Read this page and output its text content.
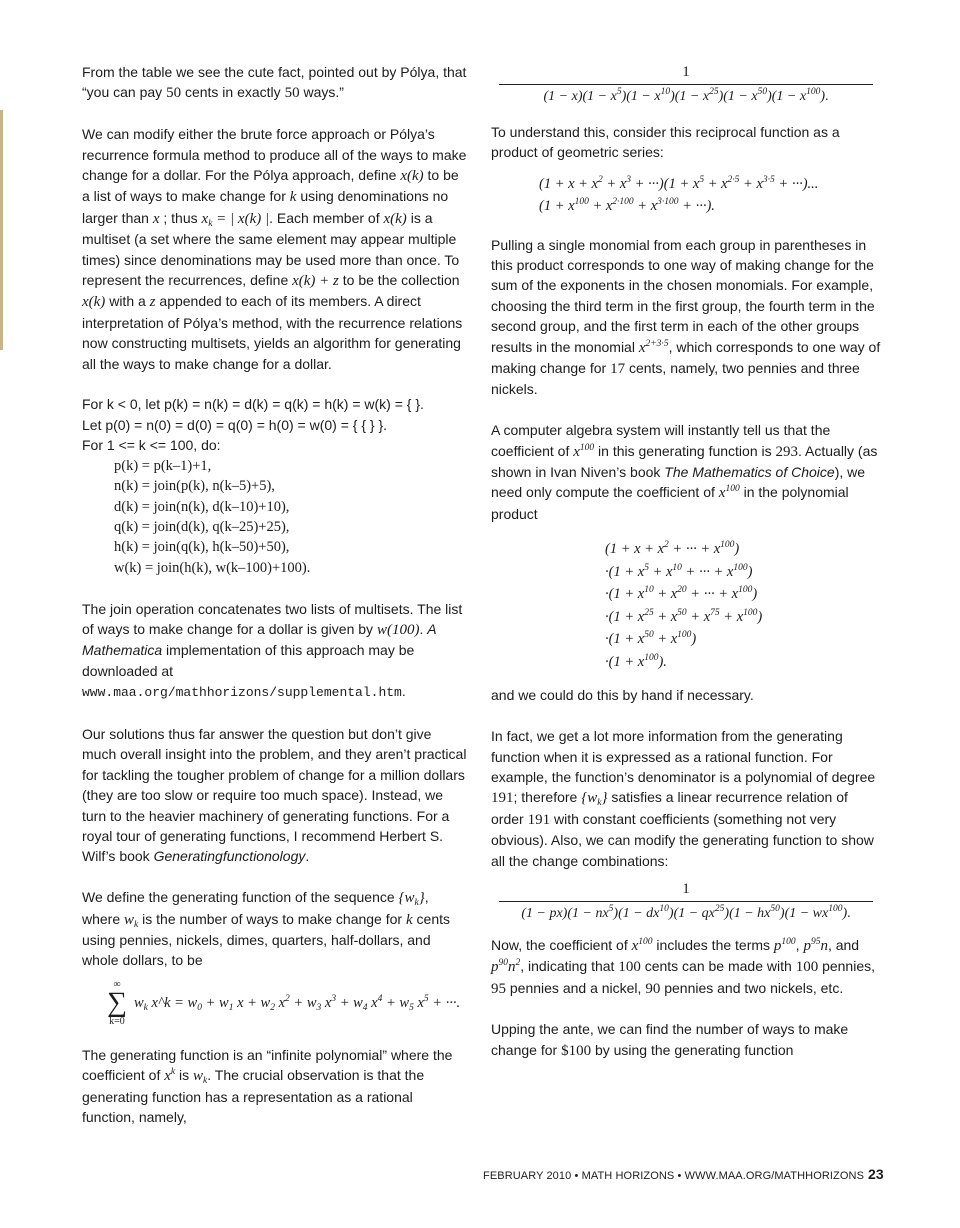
From the table we see the cute fact, pointed out by Pólya, that “you can pay 50 cents in exactly 50 ways.”

We can modify either the brute force approach or Pólya’s recurrence formula method to produce all of the ways to make change for a dollar. For the Pólya approach, define x(k) to be a list of ways to make change for k using denominations no larger than x ; thus $x_k$ = | x(k) |. Each member of x(k) is a multiset (a set where the same element may appear multiple times) since denominations may be used more than once. To represent the recurrences, define x(k) + z to be the collection x(k) with a z appended to each of its members. A direct interpretation of Pólya’s method, with the recurrence relations now constructing multisets, yields an algorithm for generating all the ways to make change for a dollar.

For k < 0, let p(k) = n(k) = d(k) = q(k) = h(k) = w(k) = { }.
Let p(0) = n(0) = d(0) = q(0) = h(0) = w(0) = { { } }.
For 1 <= k <= 100, do:
p(k) = p(k–1)+1,
n(k) = join(p(k), n(k–5)+5),
d(k) = join(n(k), d(k–10)+10),
q(k) = join(d(k), q(k–25)+25),
h(k) = join(q(k), h(k–50)+50),
w(k) = join(h(k), w(k–100)+100).

The join operation concatenates two lists of multisets. The list of ways to make change for a dollar is given by w(100). A Mathematica implementation of this approach may be downloaded at www.maa.org/mathhorizons/supplemental.htm.

Our solutions thus far answer the question but don’t give much overall insight into the problem, and they aren’t practical for tackling the tougher problem of change for a million dollars (they are too slow or require too much space). Instead, we turn to the heavier machinery of generating functions. For a royal tour of generating functions, I recommend Herbert S. Wilf’s book Generatingfunctionology.

We define the generating function of the sequence $\{w_k\}$, where $w_k$ is the number of ways to make change for k cents using pennies, nickels, dimes, quarters, half-dollars, and whole dollars, to be

∞
∑
k=0
$w_k$ x^k = $w_0 + w_1$ $x + w_2$ $x^2 + w_3$ $x^3 + w_4$ $x^4 + w_5$ $x^5$ + ···.

The generating function is an “infinite polynomial” where the coefficient of $x^k$ is $w_k$. The crucial observation is that the generating function has a representation as a rational function, namely,

1
$(1 - x)(1 - x^5)(1 - x^{10})(1 - x^{25})(1 - x^{50})(1 - x^{100})$.

To understand this, consider this reciprocal function as a product of geometric series:

$(1 + x + x^2 + x^3 + \cdot\cdot\cdot)(1 + x^5 + x^{2\cdot 5} + x^{3\cdot 5}$ + ···)...
($1 + x^{100} + x^{2\cdot 100} + x^{3\cdot 100}$ + ···).

Pulling a single monomial from each group in parentheses in this product corresponds to one way of making change for the sum of the exponents in the chosen monomials. For example, choosing the third term in the first group, the fourth term in the second group, and the first term in each of the other groups results in the monomial $x^{2+3\cdot 5}$, which corresponds to one way of making change for 17 cents, namely, two pennies and three nickels.

A computer algebra system will instantly tell us that the coefficient of $x^{100}$ in this generating function is 293. Actually (as shown in Ivan Niven’s book The Mathematics of Choice), we need only compute the coefficient of $x^{100}$ in the polynomial product

($1 + x + x^2$ + ··· + $x^{100}$)
$\cdot(1 + x^5 + x^{10}$ + ··· + $x^{100}$)
$\cdot(1 + x^{10} + x^{20}$ + ··· + $x^{100}$)
$\cdot(1 + x^{25} + x^{50} + x^{75} + x^{100})$
$\cdot(1 + x^{50} + x^{100})$
$\cdot(1 + x^{100})$.

and we could do this by hand if necessary.

In fact, we get a lot more information from the generating function when it is expressed as a rational function. For example, the function’s denominator is a polynomial of degree 191; therefore $\{w_k\}$ satisfies a linear recurrence relation of order 191 with constant coefficients (something not very obvious). Also, we can modify the generating function to show all the change combinations:

1
$(1 - px)(1 - nx^5)(1 - dx^{10})(1 - qx^{25})(1 - hx^{50})(1 - wx^{100})$.

Now, the coefficient of $x^{100}$ includes the terms $p^{100}$, $p^{95}n$, and $p^{90}n^2$, indicating that 100 cents can be made with 100 pennies, 95 pennies and a nickel, 90 pennies and two nickels, etc.

Upping the ante, we can find the number of ways to make change for $100 by using the generating function

FEBRUARY 2010 • MATH HORIZONS • WWW.MAA.ORG/MATHHORIZONS 23
